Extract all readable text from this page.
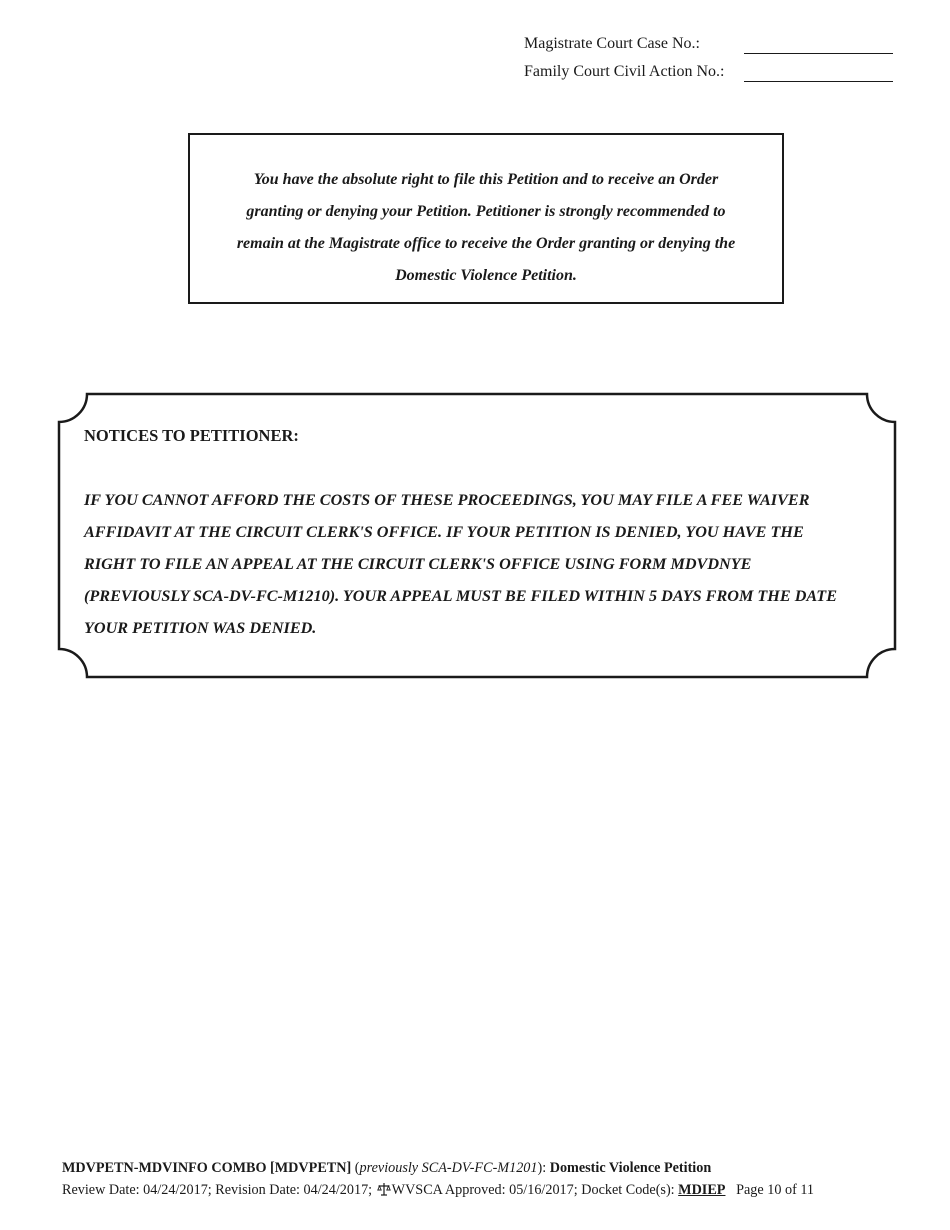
Magistrate Court Case No.:
Family Court Civil Action No.:
You have the absolute right to file this Petition and to receive an Order
granting or denying your Petition. Petitioner is strongly recommended to
remain at the Magistrate office to receive the Order granting or denying the
Domestic Violence Petition.
NOTICES TO PETITIONER:
IF YOU CANNOT AFFORD THE COSTS OF THESE PROCEEDINGS, YOU MAY FILE A FEE WAIVER
AFFIDAVIT AT THE CIRCUIT CLERK'S OFFICE. IF YOUR PETITION IS DENIED, YOU HAVE THE
RIGHT TO FILE AN APPEAL AT THE CIRCUIT CLERK'S OFFICE USING FORM MDVDNYE
(PREVIOUSLY SCA-DV-FC-M1210). YOUR APPEAL MUST BE FILED WITHIN 5 DAYS FROM THE DATE
YOUR PETITION WAS DENIED.
MDVPETN-MDVINFO COMBO [MDVPETN] (previously SCA-DV-FC-M1201): Domestic Violence Petition
Review Date: 04/24/2017; Revision Date: 04/24/2017; WVSCA Approved: 05/16/2017; Docket Code(s): MDIEP   Page 10 of 11
